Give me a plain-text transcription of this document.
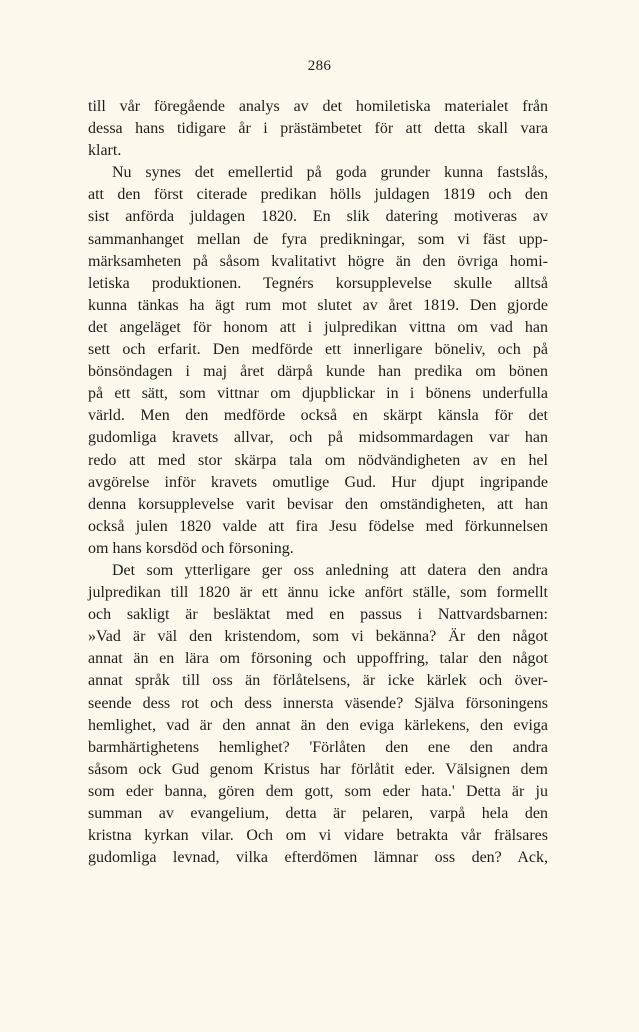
286
till vår föregående analys av det homiletiska materialet från
dessa hans tidigare år i prästämbetet för att detta skall vara
klart.
Nu synes det emellertid på goda grunder kunna fastslås,
att den först citerade predikan hölls juldagen 1819 och den
sist anförda juldagen 1820. En slik datering motiveras av
sammanhanget mellan de fyra predikningar, som vi fäst upp-
märksamheten på såsom kvalitativt högre än den övriga homi-
letiska produktionen. Tegnérs korsupplevelse skulle alltså
kunna tänkas ha ägt rum mot slutet av året 1819. Den gjorde
det angeläget för honom att i julpredikan vittna om vad han
sett och erfarit. Den medförde ett innerligare böneliv, och på
bönsöndagen i maj året därpå kunde han predika om bönen
på ett sätt, som vittnar om djupblickar in i bönens underfulla
värld. Men den medförde också en skärpt känsla för det
gudomliga kravets allvar, och på midsommardagen var han
redo att med stor skärpa tala om nödvändigheten av en hel
avgörelse inför kravets omutlige Gud. Hur djupt ingripande
denna korsupplevelse varit bevisar den omständigheten, att han
också julen 1820 valde att fira Jesu födelse med förkunnelsen
om hans korsdöd och försoning.
Det som ytterligare ger oss anledning att datera den andra
julpredikan till 1820 är ett ännu icke anfört ställe, som formellt
och sakligt är besläktat med en passus i Nattvardsbarnen:
»Vad är väl den kristendom, som vi bekänna? Är den något
annat än en lära om försoning och uppoffring, talar den något
annat språk till oss än förlåtelsens, är icke kärlek och över-
seende dess rot och dess innersta väsende? Själva försoningens
hemlighet, vad är den annat än den eviga kärlekens, den eviga
barmhärtighetens hemlighet? 'Förlåten den ene den andra
såsom ock Gud genom Kristus har förlåtit eder. Välsignen dem
som eder banna, gören dem gott, som eder hata.' Detta är ju
summan av evangelium, detta är pelaren, varpå hela den
kristna kyrkan vilar. Och om vi vidare betrakta vår frälsares
gudomliga levnad, vilka efterdömen lämnar oss den? Ack,
